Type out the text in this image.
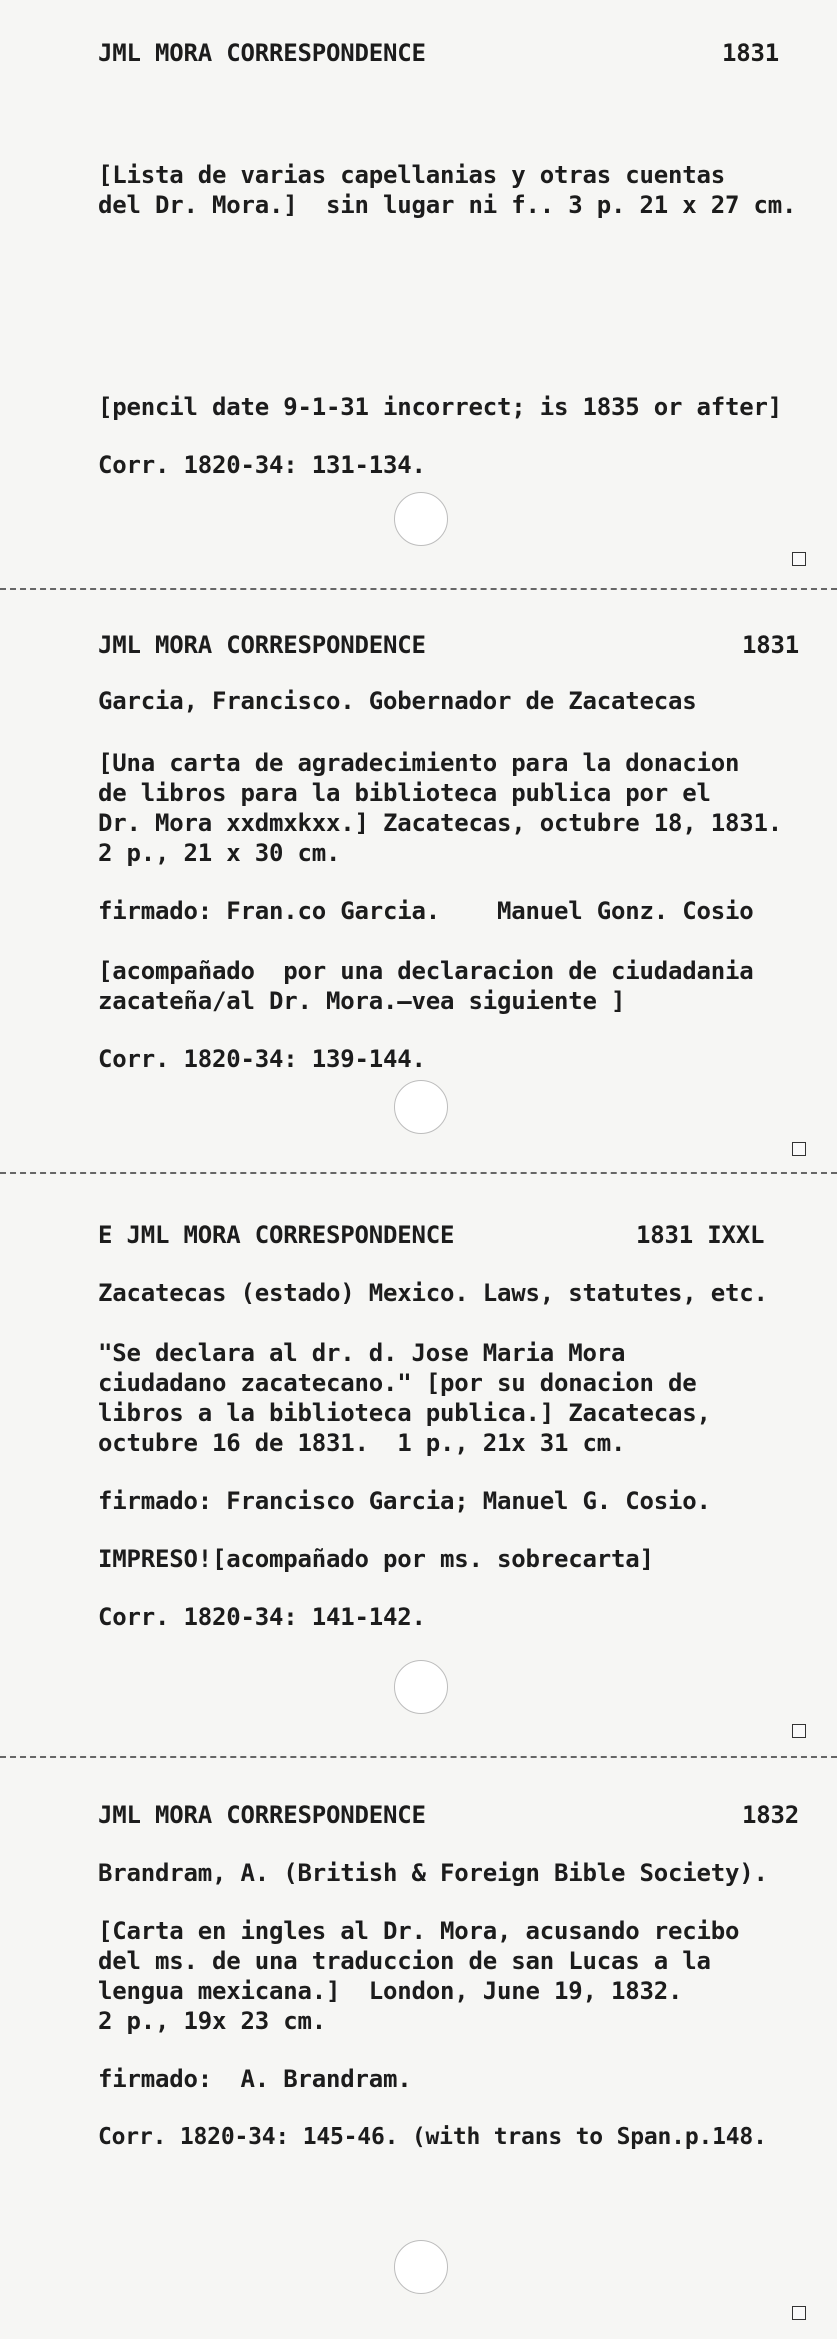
JML MORA CORRESPONDENCE	1831
[Lista de varias capellanias y otras cuentas
del Dr. Mora.]  sin lugar ni f.. 3 p. 21 x 27 cm.
[pencil date 9-1-31 incorrect; is 1835 or after]
Corr. 1820-34: 131-134.
JML MORA CORRESPONDENCE	1831
Garcia, Francisco. Gobernador de Zacatecas
[Una carta de agradecimiento para la donacion
de libros para la biblioteca publica por el
Dr. Mora xxdmxkxx.] Zacatecas, octubre 18, 1831.
2 p., 21 x 30 cm.
firmado: Fran.co Garcia.    Manuel Gonz. Cosio
[acompañado  por una declaracion de ciudadania
zacateña/al Dr. Mora.—vea siguiente ]
Corr. 1820-34: 139-144.
E JML MORA CORRESPONDENCE	1831 IXXL
Zacatecas (estado) Mexico. Laws, statutes, etc.
"Se declara al dr. d. Jose Maria Mora
ciudadano zacatecano." [por su donacion de
libros a la biblioteca publica.] Zacatecas,
octubre 16 de 1831.  1 p., 21x 31 cm.
firmado: Francisco Garcia; Manuel G. Cosio.
IMPRESO![acompañado por ms. sobrecarta]
Corr. 1820-34: 141-142.
JML MORA CORRESPONDENCE	1832
Brandram, A. (British & Foreign Bible Society).
[Carta en ingles al Dr. Mora, acusando recibo
del ms. de una traduccion de san Lucas a la
lengua mexicana.]  London, June 19, 1832.
2 p., 19x 23 cm.
firmado:  A. Brandram.
Corr. 1820-34: 145-46. (with trans to Span.p.148.
